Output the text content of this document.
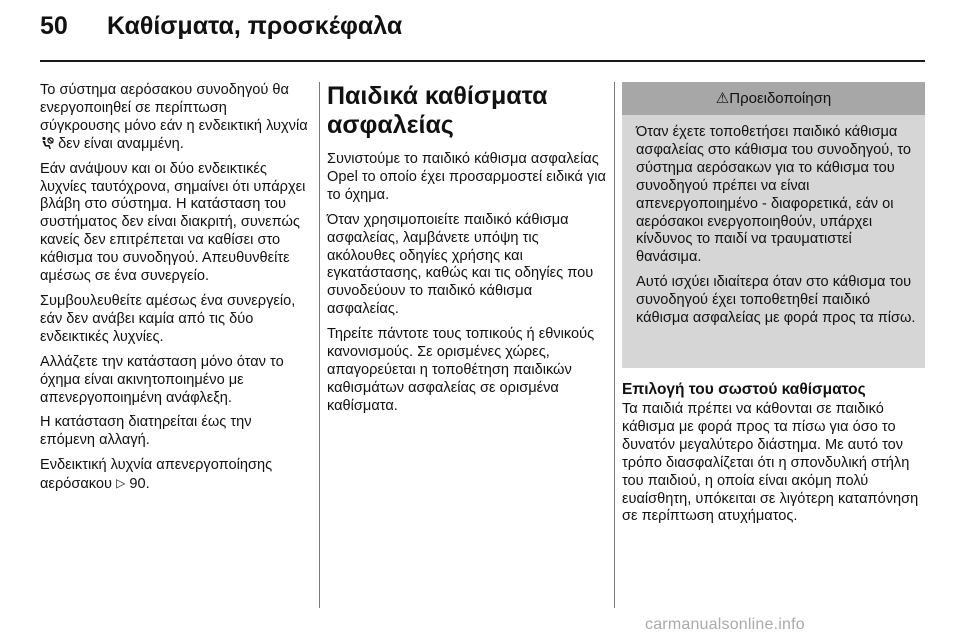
50 Καθίσματα, προσκέφαλα

Το σύστημα αερόσακου συνοδηγού θα ενεργοποιηθεί σε περίπτωση σύγκρουσης μόνο εάν η ενδεικτική λυχνία  δεν είναι αναμμένη.

Εάν ανάψουν και οι δύο ενδεικτικές λυχνίες ταυτόχρονα, σημαίνει ότι υπάρχει βλάβη στο σύστημα. Η κατάσταση του συστήματος δεν είναι διακριτή, συνεπώς κανείς δεν επιτρέπεται να καθίσει στο κάθισμα του συνοδηγού. Απευθυνθείτε αμέσως σε ένα συνεργείο.

Συμβουλευθείτε αμέσως ένα συνεργείο, εάν δεν ανάβει καμία από τις δύο ενδεικτικές λυχνίες.

Αλλάζετε την κατάσταση μόνο όταν το όχημα είναι ακινητοποιημένο με απενεργοποιημένη ανάφλεξη.

Η κατάσταση διατηρείται έως την επόμενη αλλαγή.

Ενδεικτική λυχνία απενεργοποίησης αερόσακου ▷ 90.

Παιδικά καθίσματα ασφαλείας

Συνιστούμε το παιδικό κάθισμα ασφαλείας Opel το οποίο έχει προσαρμοστεί ειδικά για το όχημα.

Όταν χρησιμοποιείτε παιδικό κάθισμα ασφαλείας, λαμβάνετε υπόψη τις ακόλουθες οδηγίες χρήσης και εγκατάστασης, καθώς και τις οδηγίες που συνοδεύουν το παιδικό κάθισμα ασφαλείας.

Τηρείτε πάντοτε τους τοπικούς ή εθνικούς κανονισμούς. Σε ορισμένες χώρες, απαγορεύεται η τοποθέτηση παιδικών καθισμάτων ασφαλείας σε ορισμένα καθίσματα.

⚠Προειδοποίηση

Όταν έχετε τοποθετήσει παιδικό κάθισμα ασφαλείας στο κάθισμα του συνοδηγού, το σύστημα αερόσακων για το κάθισμα του συνοδηγού πρέπει να είναι απενεργοποιημένο - διαφορετικά, εάν οι αερόσακοι ενεργοποιηθούν, υπάρχει κίνδυνος το παιδί να τραυματιστεί θανάσιμα.

Αυτό ισχύει ιδιαίτερα όταν στο κάθισμα του συνοδηγού έχει τοποθετηθεί παιδικό κάθισμα ασφαλείας με φορά προς τα πίσω.

Επιλογή του σωστού καθίσματος

Τα παιδιά πρέπει να κάθονται σε παιδικό κάθισμα με φορά προς τα πίσω για όσο το δυνατόν μεγαλύτερο διάστημα. Με αυτό τον τρόπο διασφαλίζεται ότι η σπονδυλική στήλη του παιδιού, η οποία είναι ακόμη πολύ ευαίσθητη, υπόκειται σε λιγότερη καταπόνηση σε περίπτωση ατυχήματος.

carmanualsonline.info
